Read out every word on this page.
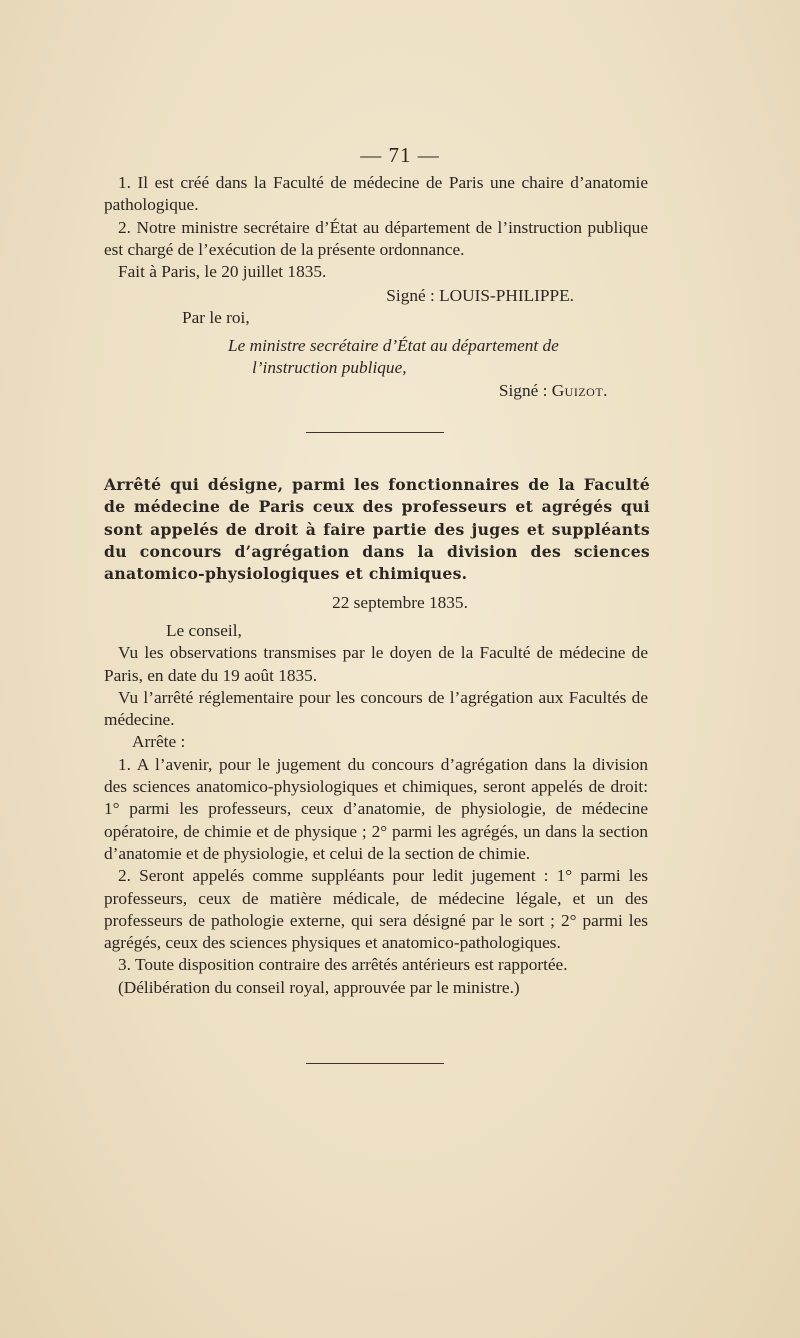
— 71 —

1. Il est créé dans la Faculté de médecine de Paris une chaire d’anatomie pathologique.

2. Notre ministre secrétaire d’État au département de l’instruction publique est chargé de l’exécution de la présente ordonnance.

Fait à Paris, le 20 juillet 1835.

Signé : LOUIS-PHILIPPE.

Par le roi,

Le ministre secrétaire d’État au département de
l’instruction publique,

Signé : Guizot.

Arrêté qui désigne, parmi les fonctionnaires de la Faculté de médecine de Paris ceux des professeurs et agrégés qui sont appelés de droit à faire partie des juges et suppléants du concours d’agrégation dans la division des sciences anatomico-physiologiques et chimiques.
22 septembre 1835.

Le conseil,

Vu les observations transmises par le doyen de la Faculté de médecine de Paris, en date du 19 août 1835.

Vu l’arrêté réglementaire pour les concours de l’agrégation aux Facultés de médecine.

Arrête :

1. A l’avenir, pour le jugement du concours d’agrégation dans la division des sciences anatomico-physiologiques et chimiques, seront appelés de droit: 1° parmi les professeurs, ceux d’anatomie, de physiologie, de médecine opératoire, de chimie et de physique ; 2° parmi les agrégés, un dans la section d’anatomie et de physiologie, et celui de la section de chimie.

2. Seront appelés comme suppléants pour ledit jugement : 1° parmi les professeurs, ceux de matière médicale, de médecine légale, et un des professeurs de pathologie externe, qui sera désigné par le sort ; 2° parmi les agrégés, ceux des sciences physiques et anatomico-pathologiques.

3. Toute disposition contraire des arrêtés antérieurs est rapportée.

(Délibération du conseil royal, approuvée par le ministre.)
